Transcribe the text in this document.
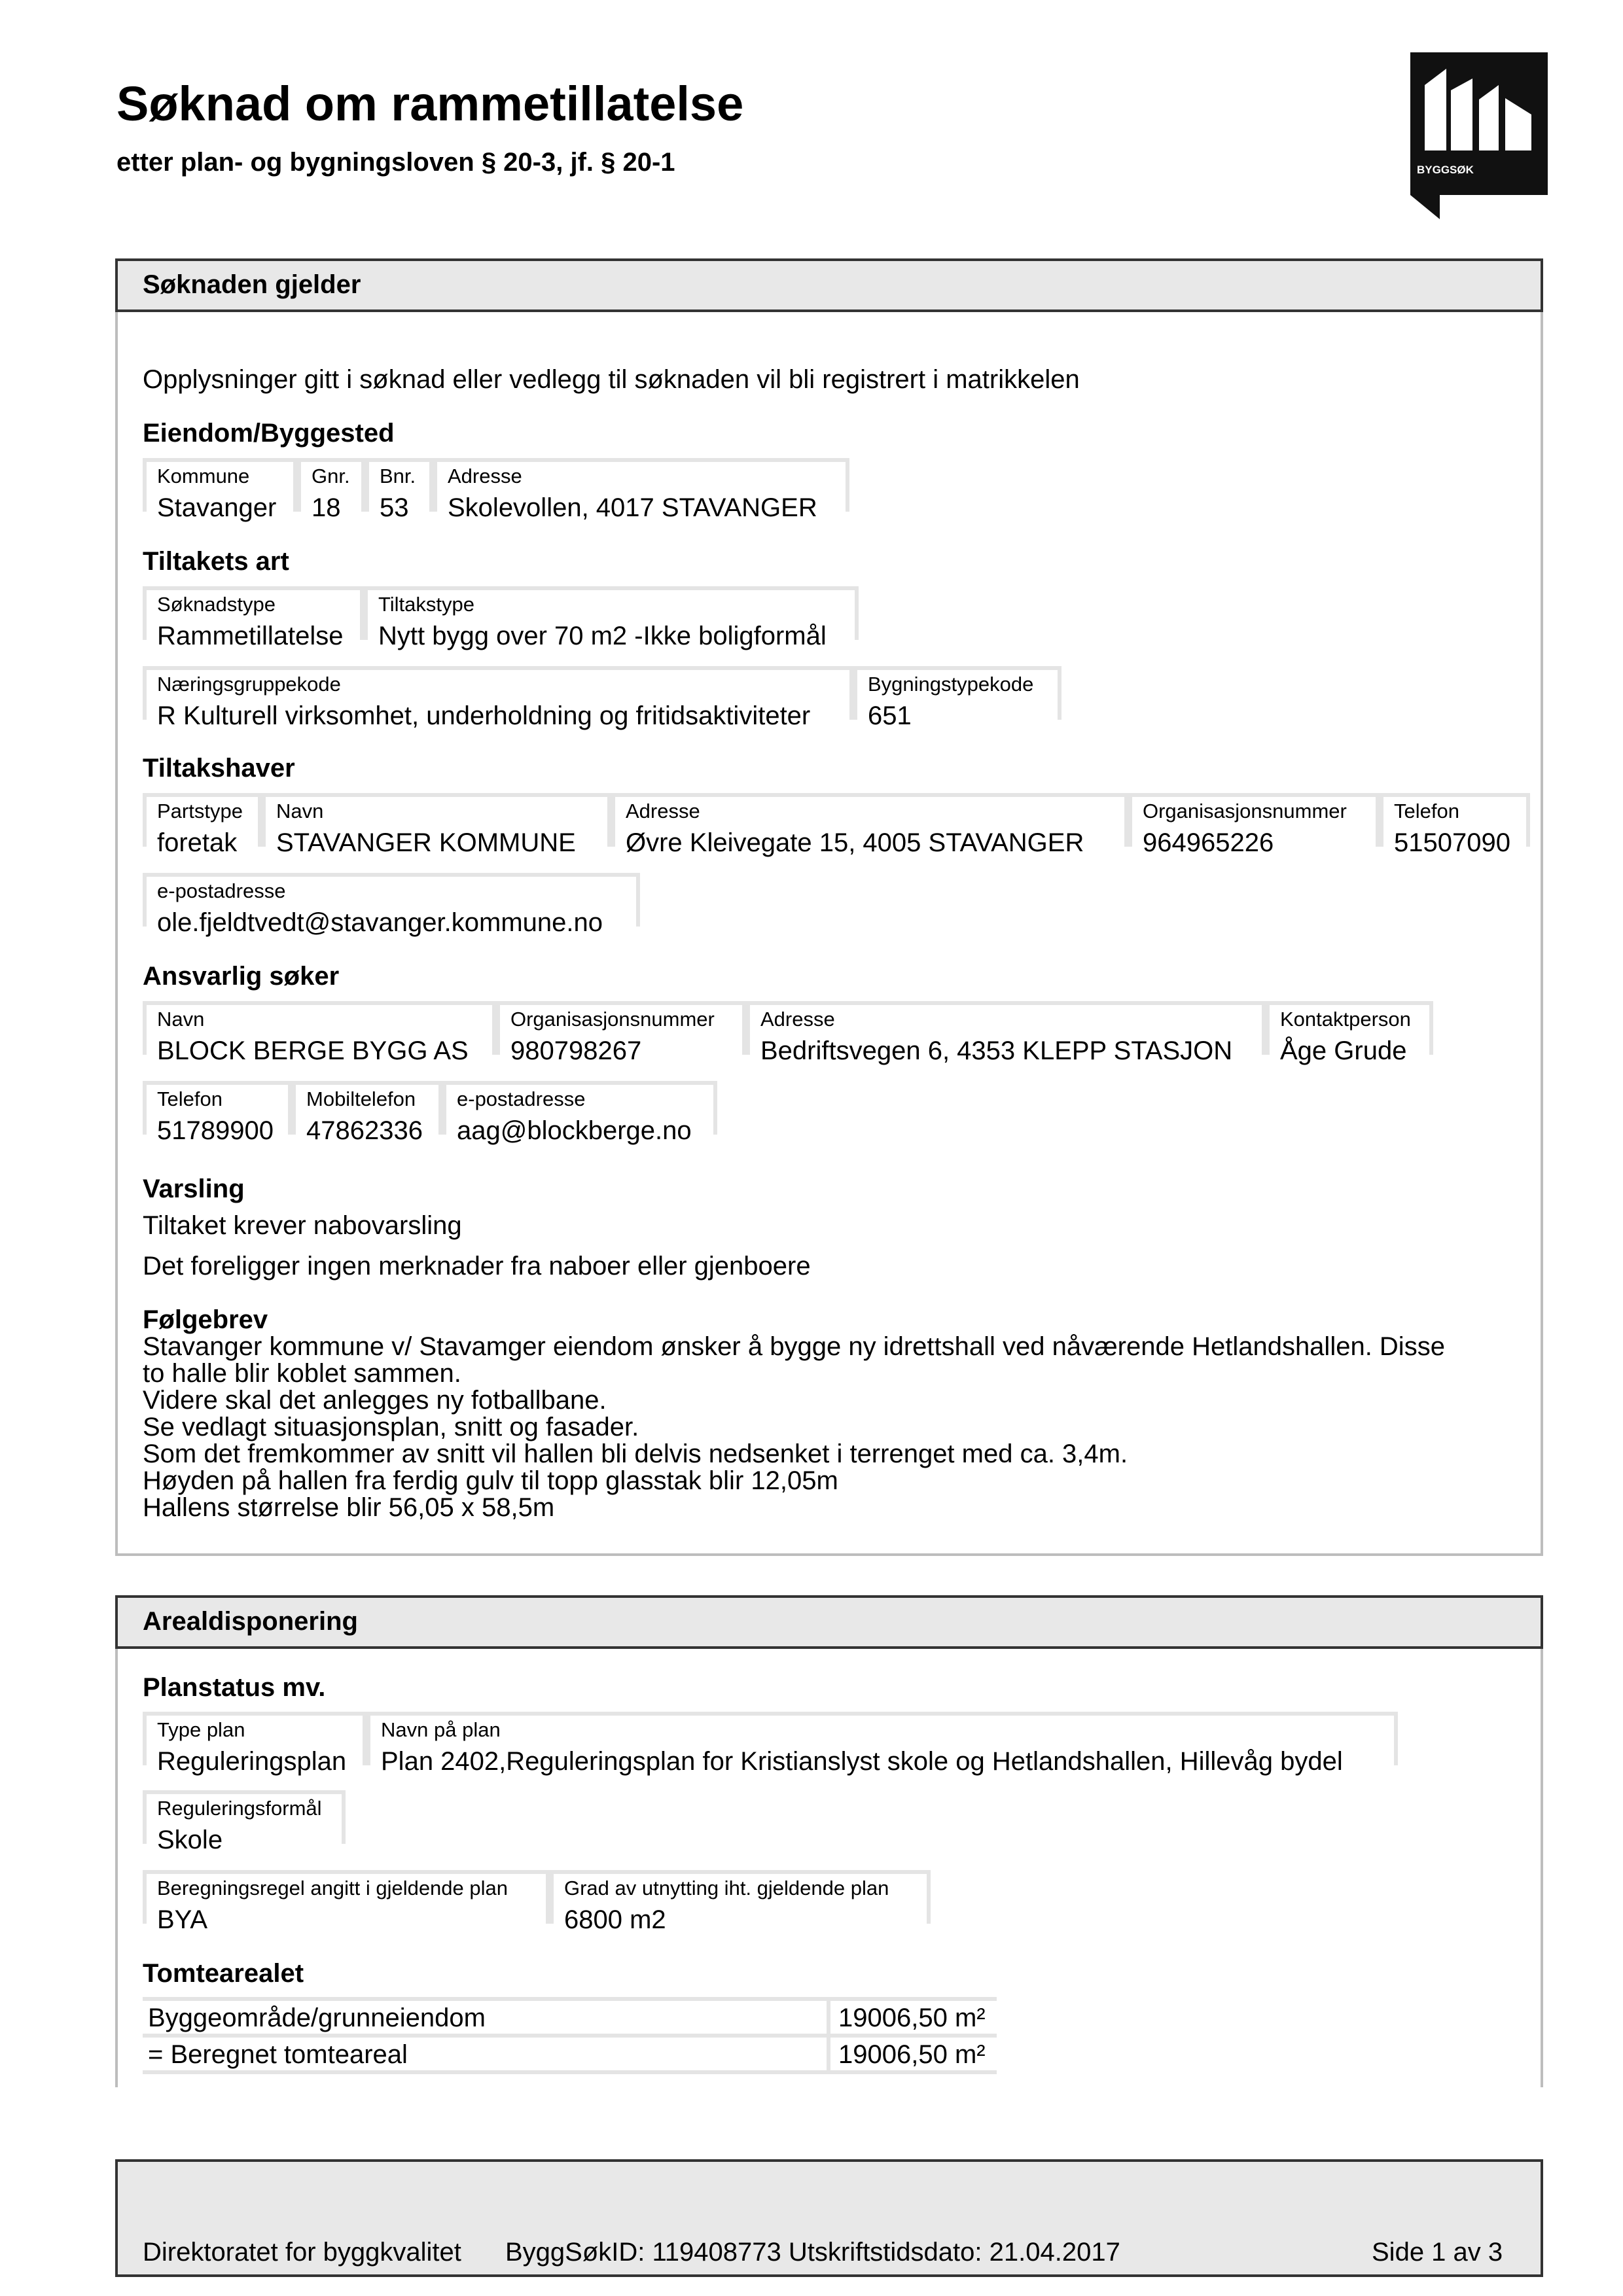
Søknad om rammetillatelse
etter plan- og bygningsloven § 20-3, jf. § 20-1	BYGGSØK
Søknaden gjelder
Opplysninger gitt i søknad eller vedlegg til søknaden vil bli registrert i matrikkelen
Eiendom/Byggested
Kommune
Stavanger
Gnr.
18
Bnr.
53
Adresse
Skolevollen, 4017 STAVANGER
Tiltakets art
Søknadstype
Rammetillatelse
Tiltakstype
Nytt bygg over 70 m2 -Ikke boligformål
Næringsgruppekode
R Kulturell virksomhet, underholdning og fritidsaktiviteter
Bygningstypekode
651
Tiltakshaver
Partstype
foretak
Navn
STAVANGER KOMMUNE
Adresse
Øvre Kleivegate 15, 4005 STAVANGER
Organisasjonsnummer
964965226
Telefon
51507090
e-postadresse
ole.fjeldtvedt@stavanger.kommune.no
Ansvarlig søker
Navn
BLOCK BERGE BYGG AS
Organisasjonsnummer
980798267
Adresse
Bedriftsvegen 6, 4353 KLEPP STASJON
Kontaktperson
Åge Grude
Telefon
51789900
Mobiltelefon
47862336
e-postadresse
aag@blockberge.no
Varsling
Tiltaket krever nabovarsling
Det foreligger ingen merknader fra naboer eller gjenboere
Følgebrev
Stavanger kommune v/ Stavamger eiendom ønsker å bygge ny idrettshall ved nåværende Hetlandshallen. Disse
to halle blir koblet sammen.
Videre skal det anlegges ny fotballbane.
Se vedlagt situasjonsplan, snitt og fasader.
Som det fremkommer av snitt vil hallen bli delvis nedsenket i terrenget med ca. 3,4m.
Høyden på hallen fra ferdig gulv til topp glasstak blir 12,05m
Hallens størrelse blir 56,05 x 58,5m
Arealdisponering
Planstatus mv.
Type plan
Reguleringsplan
Navn på plan
Plan 2402,Reguleringsplan for Kristianslyst skole og Hetlandshallen, Hillevåg bydel
Reguleringsformål
Skole
Beregningsregel angitt i gjeldende plan
BYA
Grad av utnytting iht. gjeldende plan
6800 m2
Tomtearealet
Byggeområde/grunneiendom	19006,50 m²
= Beregnet tomteareal	19006,50 m²
Direktoratet for byggkvalitet ByggSøkID: 119408773 Utskriftstidsdato: 21.04.2017	Side 1 av 3
